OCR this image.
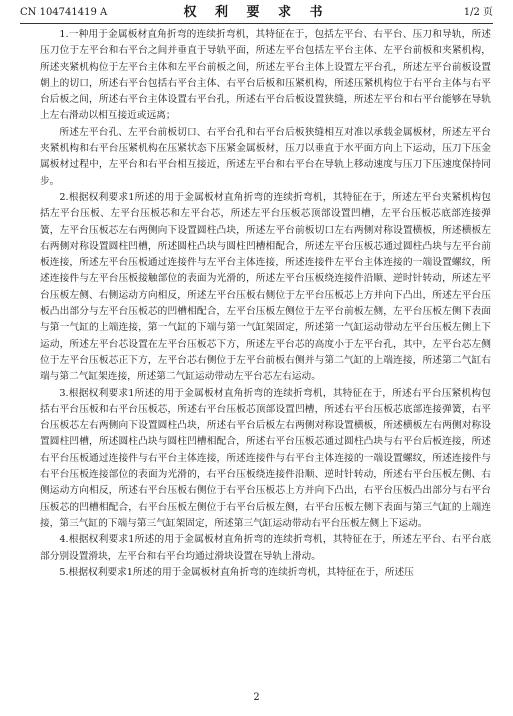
CN 104741419 A	权 利 要 求 书	1/2 页

1.一种用于金属板材直角折弯的连续折弯机，其特征在于，包括左平台、右平台、压刀和导轨，所述压刀位于左平台和右平台之间并垂直于导轨平面，所述左平台包括左平台主体、左平台前板和夹紧机构，所述夹紧机构位于左平台主体和左平台前板之间，所述左平台主体上设置左平台孔，所述左平台前板设置朝上的切口，所述右平台包括右平台主体、右平台后板和压紧机构，所述压紧机构位于右平台主体与右平台后板之间，所述右平台主体设置右平台孔，所述右平台后板设置狭缝，所述左平台和右平台能够在导轨上左右滑动以相互接近或远离；

所述左平台孔、左平台前板切口、右平台孔和右平台后板狭缝相互对准以承载金属板材，所述左平台夹紧机构和右平台压紧机构在压紧状态下压紧金属板材，压刀以垂直于水平面方向上下运动，压刀下压金属板材过程中，左平台和右平台相互接近，所述左平台和右平台在导轨上移动速度与压刀下压速度保持同步。

2.根据权利要求1所述的用于金属板材直角折弯的连续折弯机，其特征在于，所述左平台夹紧机构包括左平台压板、左平台压板芯和左平台芯，所述左平台压板芯顶部设置凹槽，左平台压板芯底部连接弹簧，左平台压板芯左右两侧向下设置圆柱凸块，所述左平台前板切口左右两侧对称设置横板，所述横板左右两侧对称设置圆柱凹槽，所述圆柱凸块与圆柱凹槽相配合，所述左平台压板芯通过圆柱凸块与左平台前板连接，所述左平台压板通过连接件与左平台主体连接，所述连接件左平台主体连接的一端设置螺纹，所述连接件与左平台压板接触部位的表面为光滑的，所述左平台压板绕连接件沿顺、逆时针转动，所述左平台压板左侧、右侧运动方向相反，所述左平台压板右侧位于左平台压板芯上方并向下凸出，所述左平台压板凸出部分与左平台压板芯的凹槽相配合，左平台压板左侧位于左平台前板左侧，左平台压板左侧下表面与第一气缸的上端连接，第一气缸的下端与第一气缸架固定，所述第一气缸运动带动左平台压板左侧上下运动，所述左平台芯设置在左平台压板芯下方，所述左平台芯的高度小于左平台孔，其中，左平台芯左侧位于左平台压板芯正下方，左平台芯右侧位于左平台前板右侧并与第二气缸的上端连接，所述第二气缸右端与第二气缸架连接，所述第二气缸运动带动左平台芯左右运动。

3.根据权利要求1所述的用于金属板材直角折弯的连续折弯机，其特征在于，所述右平台压紧机构包括右平台压板和右平台压板芯，所述右平台压板芯顶部设置凹槽，所述右平台压板芯底部连接弹簧，右平台压板芯左右两侧向下设置圆柱凸块，所述右平台后板左右两侧对称设置横板，所述横板左右两侧对称设置圆柱凹槽，所述圆柱凸块与圆柱凹槽相配合，所述右平台压板芯通过圆柱凸块与右平台后板连接，所述右平台压板通过连接件与右平台主体连接，所述连接件与右平台主体连接的一端设置螺纹，所述连接件与右平台压板连接部位的表面为光滑的，右平台压板绕连接件沿顺、逆时针转动，所述右平台压板左侧、右侧运动方向相反，所述右平台压板右侧位于右平台压板芯上方并向下凸出，右平台压板凸出部分与右平台压板芯的凹槽相配合，右平台压板左侧位于右平台后板左侧，右平台压板左侧下表面与第三气缸的上端连接，第三气缸的下端与第三气缸架固定，所述第三气缸运动带动右平台压板左侧上下运动。

4.根据权利要求1所述的用于金属板材直角折弯的连续折弯机，其特征在于，所述左平台、右平台底部分别设置滑块，左平台和右平台均通过滑块设置在导轨上滑动。

5.根据权利要求1所述的用于金属板材直角折弯的连续折弯机，其特征在于，所述压

2
